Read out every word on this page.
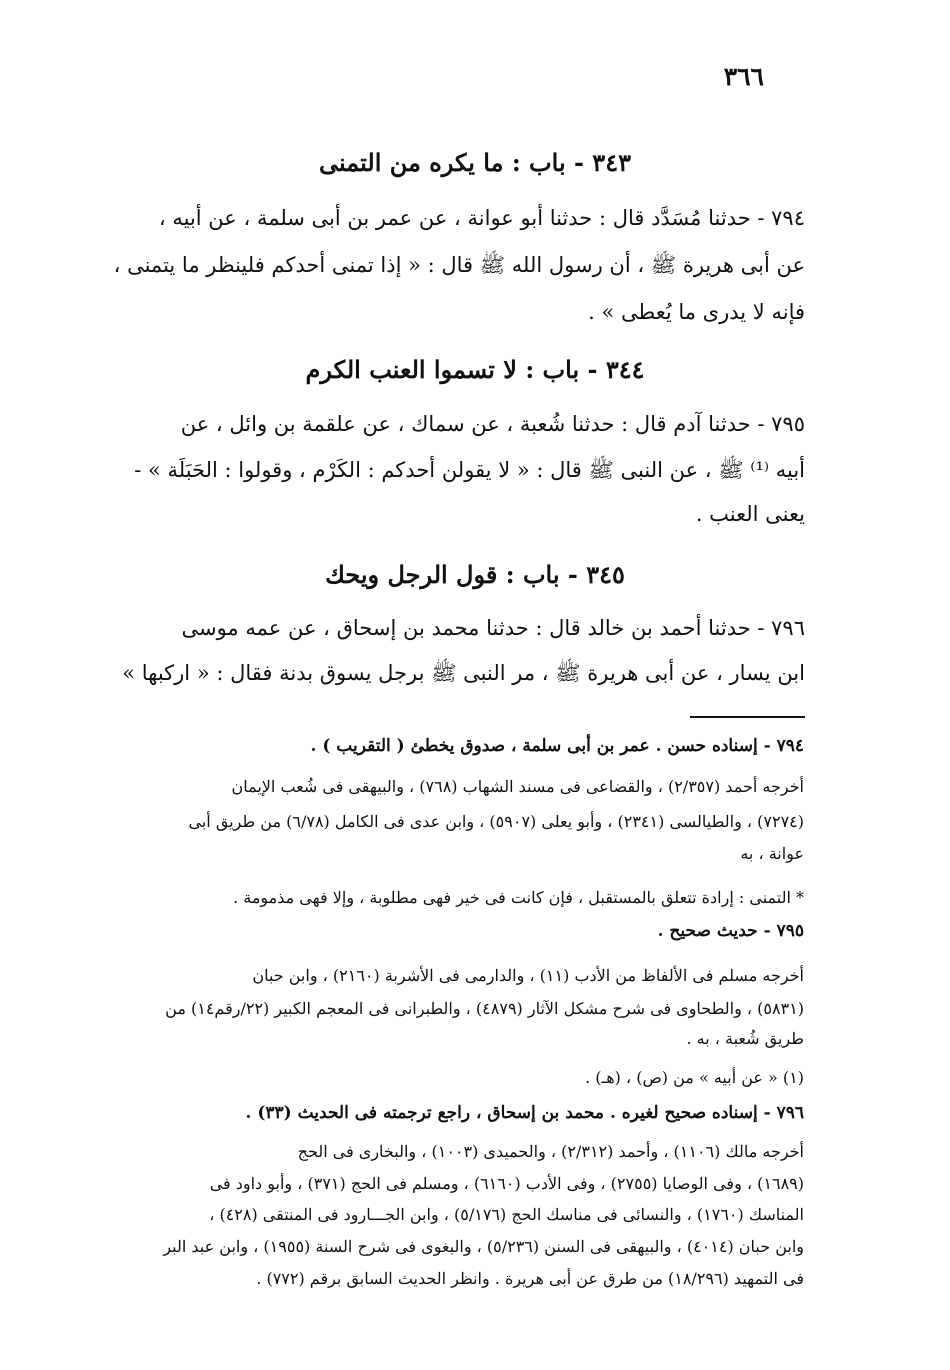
٣٦٦
٣٤٣ - باب : ما يكره من التمنى
٧٩٤ - حدثنا مُسَدَّد قال : حدثنا أبو عوانة ، عن عمر بن أبى سلمة ، عن أبيه ،
عن أبى هريرة ﷺ ، أن رسول الله ﷺ قال : « إذا تمنى أحدكم فلينظر ما يتمنى ،
فإنه لا يدرى ما يُعطى » .
٣٤٤ - باب : لا تسموا العنب الكرم
٧٩٥ - حدثنا آدم قال : حدثنا شُعبة ، عن سماك ، عن علقمة بن وائل ، عن
أبيه ⁽¹⁾ ﷺ ، عن النبى ﷺ قال : « لا يقولن أحدكم : الكَرْم ، وقولوا : الحَبَلَة » -
يعنى العنب .
٣٤٥ - باب : قول الرجل ويحك
٧٩٦ - حدثنا أحمد بن خالد قال : حدثنا محمد بن إسحاق ، عن عمه موسى
ابن يسار ، عن أبى هريرة ﷺ ، مر النبى ﷺ برجل يسوق بدنة فقال : « اركبها »
٧٩٤ - إسناده حسن . عمر بن أبى سلمة ، صدوق يخطئ ( التقريب ) .
أخرجه أحمد (٢/٣٥٧) ، والقضاعى فى مسند الشهاب (٧٦٨) ، والبيهقى فى شُعب الإيمان
(٧٢٧٤) ، والطيالسى (٢٣٤١) ، وأبو يعلى (٥٩٠٧) ، وابن عدى فى الكامل (٦/٧٨) من طريق أبى
عوانة ، به
* التمنى : إرادة تتعلق بالمستقبل ، فإن كانت فى خير فهى مطلوبة ، وإلا فهى مذمومة .
٧٩٥ - حديث صحيح .
أخرجه مسلم فى الألفاظ من الأدب (١١) ، والدارمى فى الأشربة (٢١٦٠) ، وابن حبان
(٥٨٣١) ، والطحاوى فى شرح مشكل الآثار (٤٨٧٩) ، والطبرانى فى المعجم الكبير (٢٢/رقم١٤) من
طريق شُعبة ، به .
(١) « عن أبيه » من (ص) ، (هـ) .
٧٩٦ - إسناده صحيح لغيره . محمد بن إسحاق ، راجع ترجمته فى الحديث (٣٣) .
أخرجه مالك (١١٠٦) ، وأحمد (٢/٣١٢) ، والحميدى (١٠٠٣) ، والبخارى فى الحج
(١٦٨٩) ، وفى الوصايا (٢٧٥٥) ، وفى الأدب (٦١٦٠) ، ومسلم فى الحج (٣٧١) ، وأبو داود فى
المناسك (١٧٦٠) ، والنسائى فى مناسك الحج (٥/١٧٦) ، وابن الجـــارود فى المنتقى (٤٢٨) ،
وابن حبان (٤٠١٤) ، والبيهقى فى السنن (٥/٢٣٦) ، والبغوى فى شرح السنة (١٩٥٥) ، وابن عبد البر
فى التمهيد (١٨/٢٩٦) من طرق عن أبى هريرة . وانظر الحديث السابق برقم (٧٧٢) .
